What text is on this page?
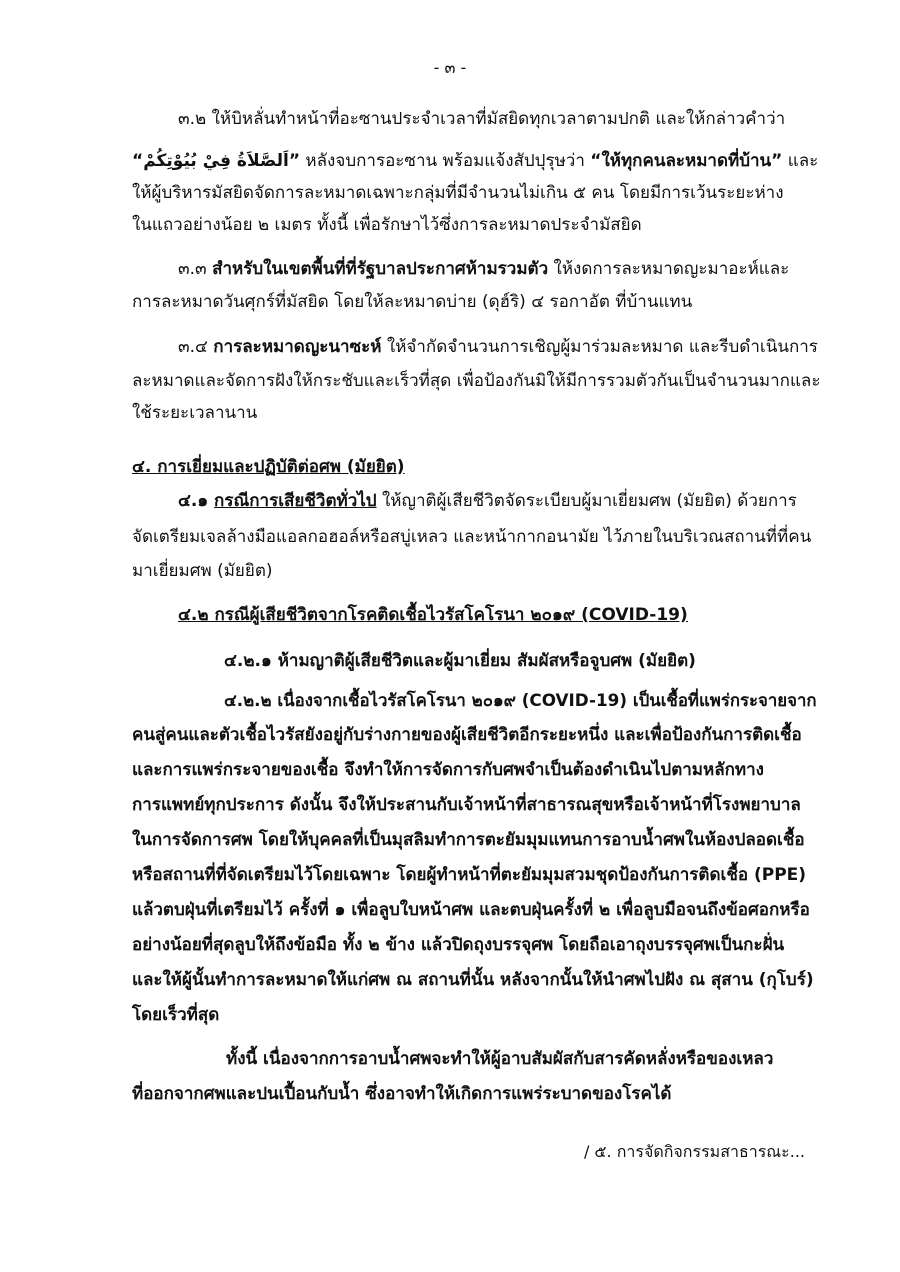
- ๓ -
๓.๒ ให้บิหลั่นทำหน้าที่อะซานประจำเวลาที่มัสยิดทุกเวลาตามปกติ และให้กล่าวคำว่า
“اَلصَّلاَةُ فِيْ بُيُوْتِكُمْ” หลังจบการอะซาน พร้อมแจ้งสัปปุรุษว่า “ให้ทุกคนละหมาดที่บ้าน” และ
ให้ผู้บริหารมัสยิดจัดการละหมาดเฉพาะกลุ่มที่มีจำนวนไม่เกิน ๕ คน โดยมีการเว้นระยะห่าง
ในแถวอย่างน้อย ๒ เมตร ทั้งนี้ เพื่อรักษาไว้ซึ่งการละหมาดประจำมัสยิด
๓.๓ สำหรับในเขตพื้นที่ที่รัฐบาลประกาศห้ามรวมตัว ให้งดการละหมาดญะมาอะห์และ
การละหมาดวันศุกร์ที่มัสยิด โดยให้ละหมาดบ่าย (ดุฮ์ริ) ๔ รอกาอัต ที่บ้านแทน
๓.๔ การละหมาดญะนาซะห์ ให้จำกัดจำนวนการเชิญผู้มาร่วมละหมาด และรีบดำเนินการ
ละหมาดและจัดการฝังให้กระชับและเร็วที่สุด เพื่อป้องกันมิให้มีการรวมตัวกันเป็นจำนวนมากและ
ใช้ระยะเวลานาน
๔. การเยี่ยมและปฏิบัติต่อศพ (มัยยิต)
๔.๑ กรณีการเสียชีวิตทั่วไป ให้ญาติผู้เสียชีวิตจัดระเบียบผู้มาเยี่ยมศพ (มัยยิต) ด้วยการ
จัดเตรียมเจลล้างมือแอลกอฮอล์หรือสบู่เหลว และหน้ากากอนามัย ไว้ภายในบริเวณสถานที่ที่คน
มาเยี่ยมศพ (มัยยิต)
๔.๒ กรณีผู้เสียชีวิตจากโรคติดเชื้อไวรัสโคโรนา ๒๐๑๙ (COVID-19)
๔.๒.๑ ห้ามญาติผู้เสียชีวิตและผู้มาเยี่ยม สัมผัสหรือจูบศพ (มัยยิต)
๔.๒.๒ เนื่องจากเชื้อไวรัสโคโรนา ๒๐๑๙ (COVID-19) เป็นเชื้อที่แพร่กระจายจาก
คนสู่คนและตัวเชื้อไวรัสยังอยู่กับร่างกายของผู้เสียชีวิตอีกระยะหนึ่ง และเพื่อป้องกันการติดเชื้อ
และการแพร่กระจายของเชื้อ จึงทำให้การจัดการกับศพจำเป็นต้องดำเนินไปตามหลักทาง
การแพทย์ทุกประการ ดังนั้น จึงให้ประสานกับเจ้าหน้าที่สาธารณสุขหรือเจ้าหน้าที่โรงพยาบาล
ในการจัดการศพ โดยให้บุคคลที่เป็นมุสลิมทำการตะยัมมุมแทนการอาบน้ำศพในห้องปลอดเชื้อ
หรือสถานที่ที่จัดเตรียมไว้โดยเฉพาะ โดยผู้ทำหน้าที่ตะยัมมุมสวมชุดป้องกันการติดเชื้อ (PPE)
แล้วตบฝุ่นที่เตรียมไว้ ครั้งที่ ๑ เพื่อลูบใบหน้าศพ และตบฝุ่นครั้งที่ ๒ เพื่อลูบมือจนถึงข้อศอกหรือ
อย่างน้อยที่สุดลูบให้ถึงข้อมือ ทั้ง ๒ ข้าง แล้วปิดถุงบรรจุศพ โดยถือเอาถุงบรรจุศพเป็นกะฝั่น
และให้ผู้นั้นทำการละหมาดให้แก่ศพ ณ สถานที่นั้น หลังจากนั้นให้นำศพไปฝัง ณ สุสาน (กุโบร์)
โดยเร็วที่สุด
ทั้งนี้ เนื่องจากการอาบน้ำศพจะทำให้ผู้อาบสัมผัสกับสารคัดหลั่งหรือของเหลว
ที่ออกจากศพและปนเปื้อนกับน้ำ ซึ่งอาจทำให้เกิดการแพร่ระบาดของโรคได้
/ ๕. การจัดกิจกรรมสาธารณะ...
